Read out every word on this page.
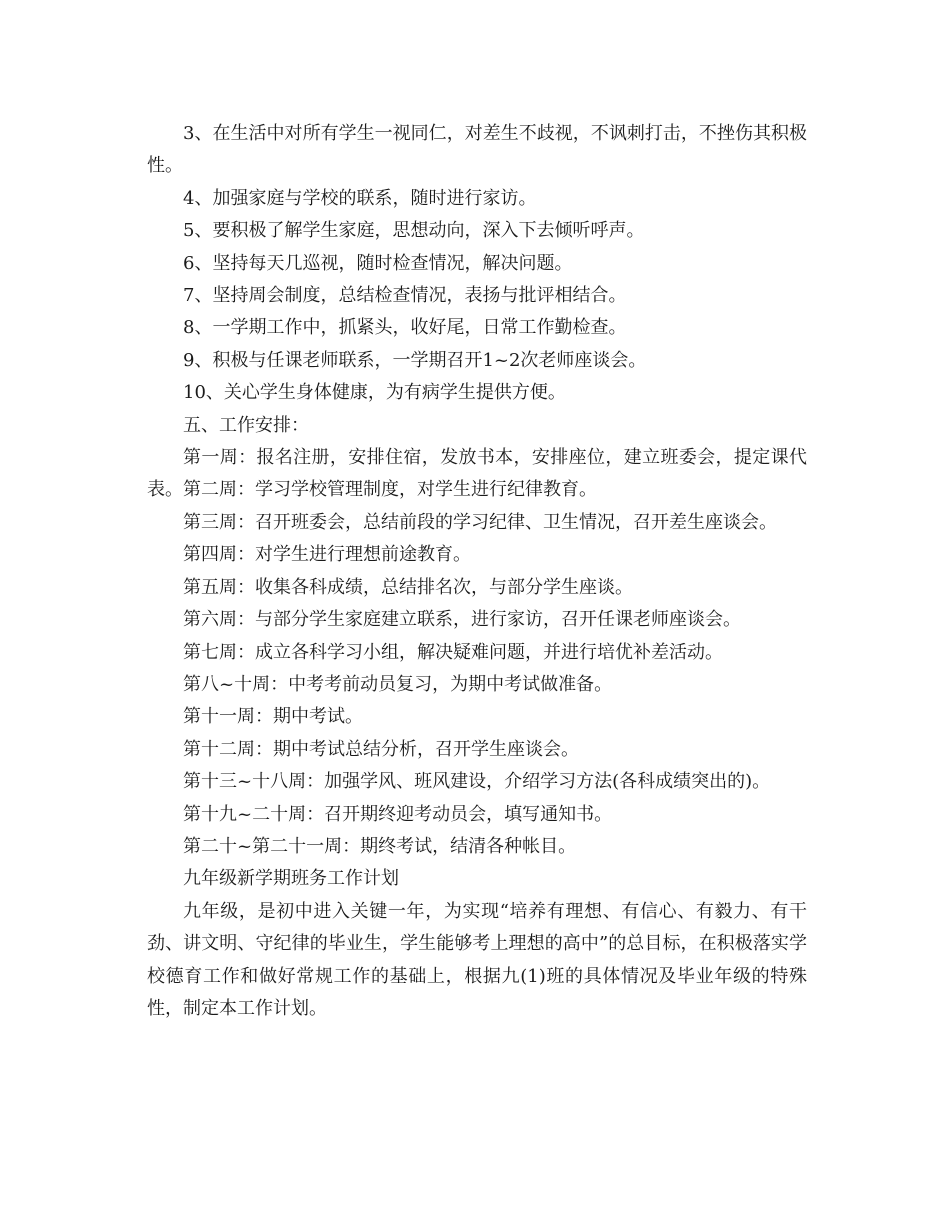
3、在生活中对所有学生一视同仁，对差生不歧视，不讽刺打击，不挫伤其积极性。

4、加强家庭与学校的联系，随时进行家访。

5、要积极了解学生家庭，思想动向，深入下去倾听呼声。

6、坚持每天几巡视，随时检查情况，解决问题。

7、坚持周会制度，总结检查情况，表扬与批评相结合。

8、一学期工作中，抓紧头，收好尾，日常工作勤检查。

9、积极与任课老师联系，一学期召开1~2次老师座谈会。

10、关心学生身体健康，为有病学生提供方便。

五、工作安排：

第一周：报名注册，安排住宿，发放书本，安排座位，建立班委会，提定课代表。第二周：学习学校管理制度，对学生进行纪律教育。

第三周：召开班委会，总结前段的学习纪律、卫生情况，召开差生座谈会。

第四周：对学生进行理想前途教育。

第五周：收集各科成绩，总结排名次，与部分学生座谈。

第六周：与部分学生家庭建立联系，进行家访，召开任课老师座谈会。

第七周：成立各科学习小组，解决疑难问题，并进行培优补差活动。

第八~十周：中考考前动员复习，为期中考试做准备。

第十一周：期中考试。

第十二周：期中考试总结分析，召开学生座谈会。

第十三~十八周：加强学风、班风建设，介绍学习方法(各科成绩突出的)。

第十九~二十周：召开期终迎考动员会，填写通知书。

第二十~第二十一周：期终考试，结清各种帐目。

九年级新学期班务工作计划

九年级，是初中进入关键一年，为实现“培养有理想、有信心、有毅力、有干劲、讲文明、守纪律的毕业生，学生能够考上理想的高中”的总目标，在积极落实学校德育工作和做好常规工作的基础上，根据九(1)班的具体情况及毕业年级的特殊性，制定本工作计划。
